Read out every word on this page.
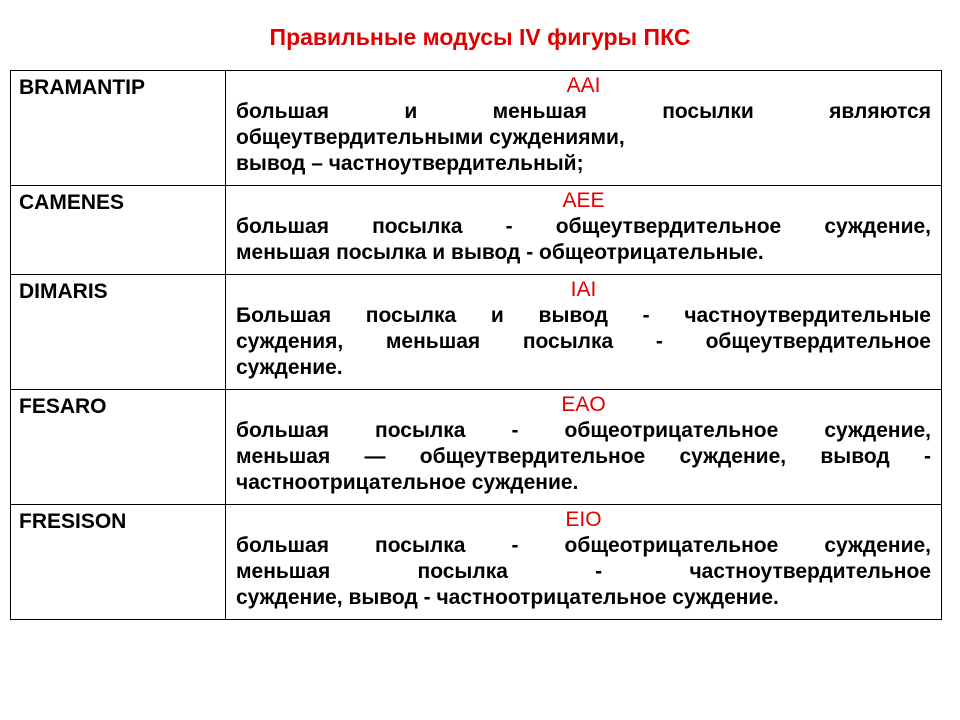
Правильные модусы IV фигуры ПКС
BRAMANTIP	AAI
большая и меньшая посылки являются
общеутвердительными суждениями,
вывод – частноутвердительный;

CAMENES	AEE
большая посылка - общеутвердительное суждение,
меньшая посылка и вывод - общеотрицательные.

DIMARIS	IAI
Большая посылка и вывод - частноутвердительные
суждения, меньшая посылка - общеутвердительное
суждение.

FESARO	EAO
большая посылка - общеотрицательное суждение,
меньшая — общеутвердительное суждение, вывод -
частноотрицательное суждение.

FRESISON	EIO
большая посылка - общеотрицательное суждение,
меньшая посылка - частноутвердительное
суждение, вывод - частноотрицательное суждение.
